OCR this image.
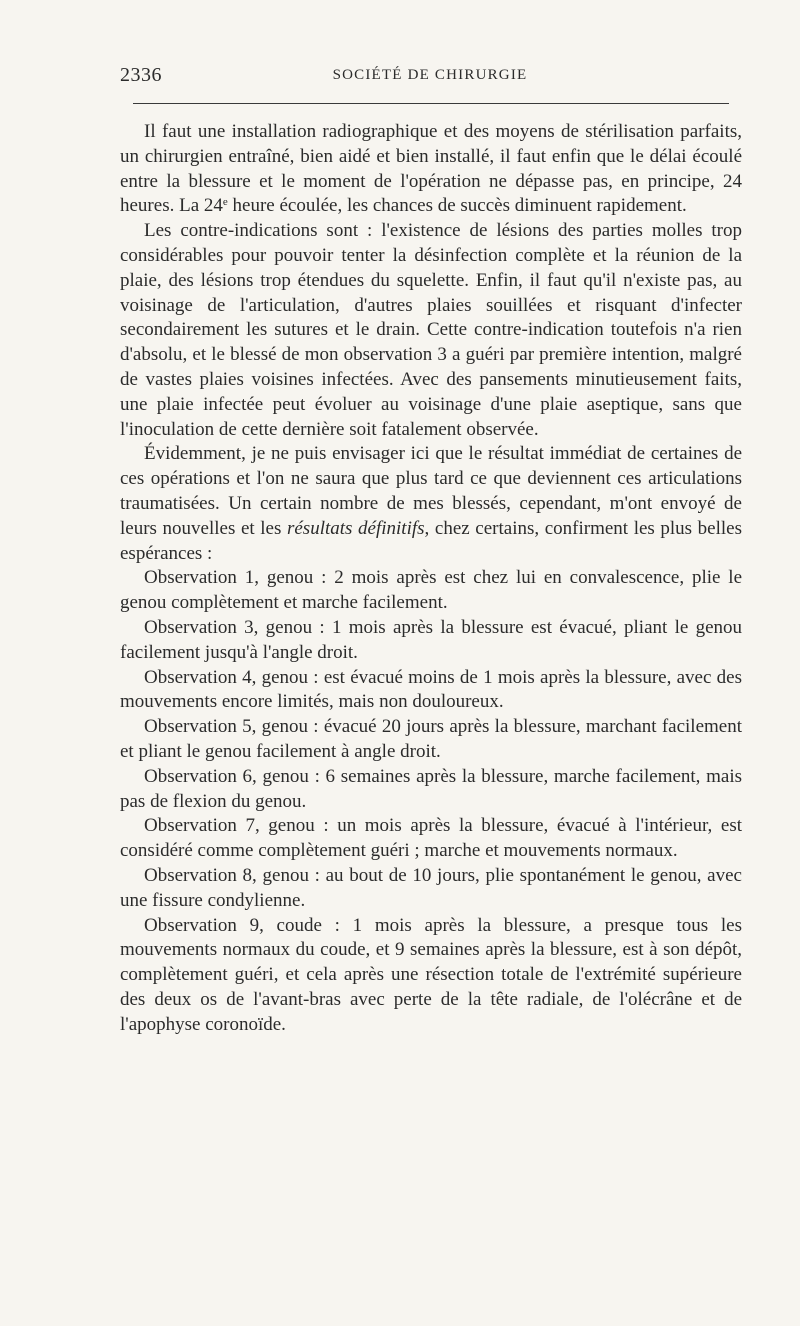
2336	SOCIÉTÉ DE CHIRURGIE

Il faut une installation radiographique et des moyens de stérilisation parfaits, un chirurgien entraîné, bien aidé et bien installé, il faut enfin que le délai écoulé entre la blessure et le moment de l'opération ne dépasse pas, en principe, 24 heures. La 24e heure écoulée, les chances de succès diminuent rapidement.

Les contre-indications sont : l'existence de lésions des parties molles trop considérables pour pouvoir tenter la désinfection complète et la réunion de la plaie, des lésions trop étendues du squelette. Enfin, il faut qu'il n'existe pas, au voisinage de l'articulation, d'autres plaies souillées et risquant d'infecter secondairement les sutures et le drain. Cette contre-indication toutefois n'a rien d'absolu, et le blessé de mon observation 3 a guéri par première intention, malgré de vastes plaies voisines infectées. Avec des pansements minutieusement faits, une plaie infectée peut évoluer au voisinage d'une plaie aseptique, sans que l'inoculation de cette dernière soit fatalement observée.

Évidemment, je ne puis envisager ici que le résultat immédiat de certaines de ces opérations et l'on ne saura que plus tard ce que deviennent ces articulations traumatisées. Un certain nombre de mes blessés, cependant, m'ont envoyé de leurs nouvelles et les résultats définitifs, chez certains, confirment les plus belles espérances :

Observation 1, genou : 2 mois après est chez lui en convalescence, plie le genou complètement et marche facilement.

Observation 3, genou : 1 mois après la blessure est évacué, pliant le genou facilement jusqu'à l'angle droit.

Observation 4, genou : est évacué moins de 1 mois après la blessure, avec des mouvements encore limités, mais non douloureux.

Observation 5, genou : évacué 20 jours après la blessure, marchant facilement et pliant le genou facilement à angle droit.

Observation 6, genou : 6 semaines après la blessure, marche facilement, mais pas de flexion du genou.

Observation 7, genou : un mois après la blessure, évacué à l'intérieur, est considéré comme complètement guéri ; marche et mouvements normaux.

Observation 8, genou : au bout de 10 jours, plie spontanément le genou, avec une fissure condylienne.

Observation 9, coude : 1 mois après la blessure, a presque tous les mouvements normaux du coude, et 9 semaines après la blessure, est à son dépôt, complètement guéri, et cela après une résection totale de l'extrémité supérieure des deux os de l'avant-bras avec perte de la tête radiale, de l'olécrâne et de l'apophyse coronoïde.
